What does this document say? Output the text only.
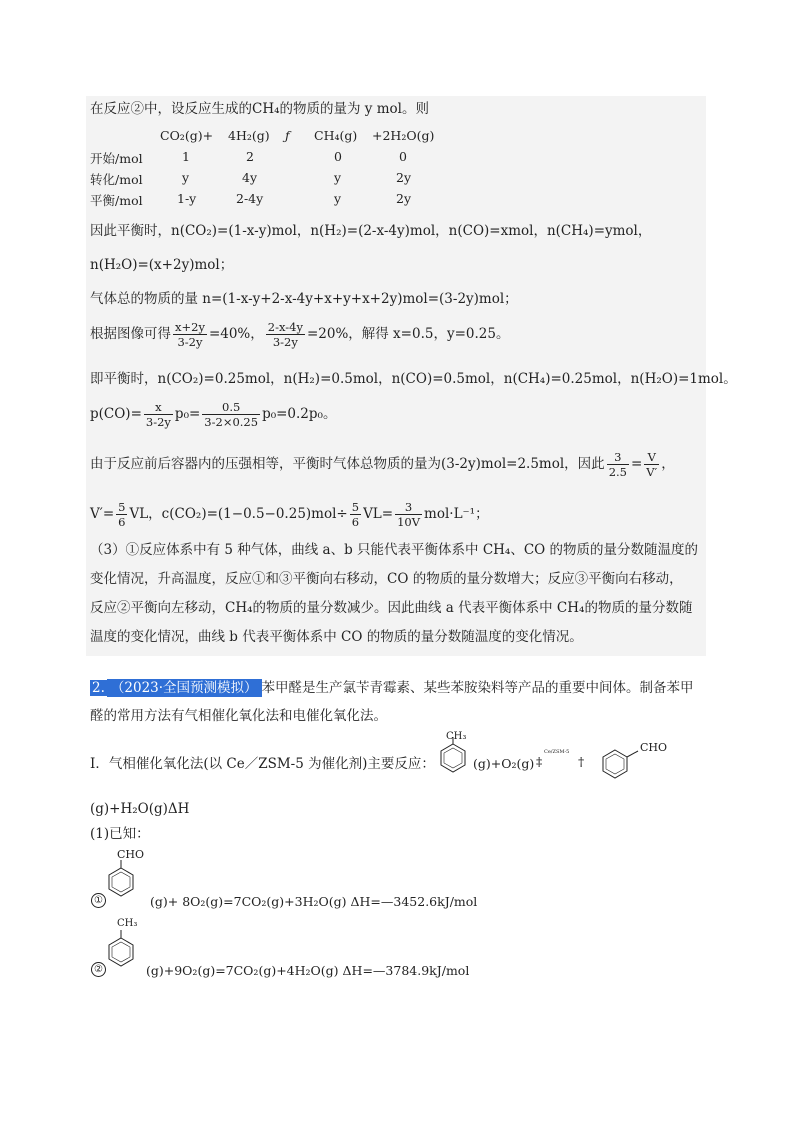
在反应②中，设反应生成的CH₄的物质的量为 y mol。则
CO₂(g)+ 4H₂(g) ƒ CH₄(g) +2H₂O(g)
开始/mol	1	2	0	0
转化/mol	y	4y	y	2y
平衡/mol	1-y	2-4y	y	2y
因此平衡时，n(CO₂)=(1-x-y)mol，n(H₂)=(2-x-4y)mol，n(CO)=xmol，n(CH₄)=ymol，
n(H₂O)=(x+2y)mol；
气体总的物质的量 n=(1-x-y+2-x-4y+x+y+x+2y)mol=(3-2y)mol；
根据图像可得 $\frac{x+2y}{3-2y} =40\%$， $\frac{2-x-4y}{3-2y} =20\%$，解得 x=0.5，y=0.25。
即平衡时，n(CO₂)=0.25mol，n(H₂)=0.5mol，n(CO)=0.5mol，n(CH₄)=0.25mol，n(H₂O)=1mol。
$p(CO)= \frac{x}{3-2y} p_0= \frac{0.5}{3-2\times 0.25} p_0=0.2p_0$。
由于反应前后容器内的压强相等，平衡时气体总物质的量为(3-2y)mol=2.5mol，因此 $\frac{3}{2.5} = \frac{V}{V'}$ ，
$V'= \frac{5}{6}$ VL，$c(CO_2)=(1-0.5-0.25)mol\div \frac{5}{6} VL= \frac{3}{10V} mol\cdot L^{-1}$；
（3）①反应体系中有 5 种气体，曲线 a、b 只能代表平衡体系中 CH₄、CO 的物质的量分数随温度的
变化情况，升高温度，反应①和③平衡向右移动，CO 的物质的量分数增大；反应③平衡向右移动，
反应②平衡向左移动，CH₄的物质的量分数减少。因此曲线 a 代表平衡体系中 CH₄的物质的量分数随
温度的变化情况，曲线 b 代表平衡体系中 CO 的物质的量分数随温度的变化情况。
2. （2023·全国预测模拟） 苯甲醛是生产氯苄青霉素、某些苯胺染料等产品的重要中间体。制备苯甲
醛的常用方法有气相催化氧化法和电催化氧化法。
I．气相催化氧化法(以 Ce／ZSM-5 为催化剂)主要反应：
CH₃
(g)+O₂(g) ‡
Ce/ZSM-5
†
CHO
(g)+H₂O(g)ΔH
(1)已知：
CHO
①	(g)+ 8O₂(g)=7CO₂(g)+3H₂O(g) ΔH=—3452.6kJ/mol
CH₃
②	(g)+9O₂(g)=7CO₂(g)+4H₂O(g) ΔH=—3784.9kJ/mol
